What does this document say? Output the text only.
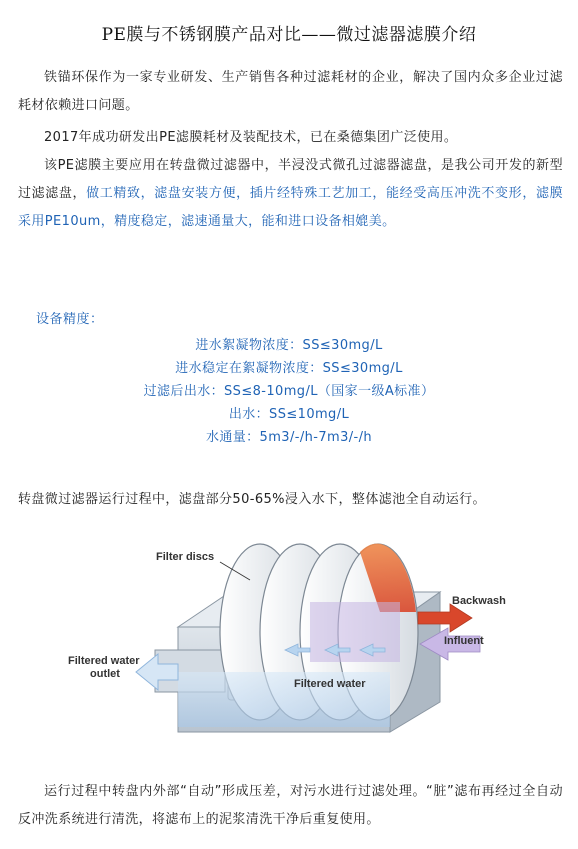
PE膜与不锈钢膜产品对比——微过滤器滤膜介绍
铁锚环保作为一家专业研发、生产销售各种过滤耗材的企业，解决了国内众多企业过滤耗材依赖进口问题。
2017年成功研发出PE滤膜耗材及装配技术，已在桑德集团广泛使用。
该PE滤膜主要应用在转盘微过滤器中，半浸没式微孔过滤器滤盘，是我公司开发的新型过滤滤盘，做工精致，滤盘安装方便，插片经特殊工艺加工，能经受高压冲洗不变形，滤膜采用PE10um，精度稳定，滤速通量大，能和进口设备相媲美。
设备精度：
进水絮凝物浓度：SS≤30mg/L
进水稳定在絮凝物浓度：SS≤30mg/L
过滤后出水：SS≤8-10mg/L（国家一级A标准）
出水：SS≤10mg/L
水通量：5m3/-/h-7m3/-/h
转盘微过滤器运行过程中，滤盘部分50-65%浸入水下，整体滤池全自动运行。
Filter discs
Backwash
Influent
Filtered water
outlet
Filtered water
运行过程中转盘内外部“自动”形成压差，对污水进行过滤处理。“脏”滤布再经过全自动反冲洗系统进行清洗，将滤布上的泥浆清洗干净后重复使用。
